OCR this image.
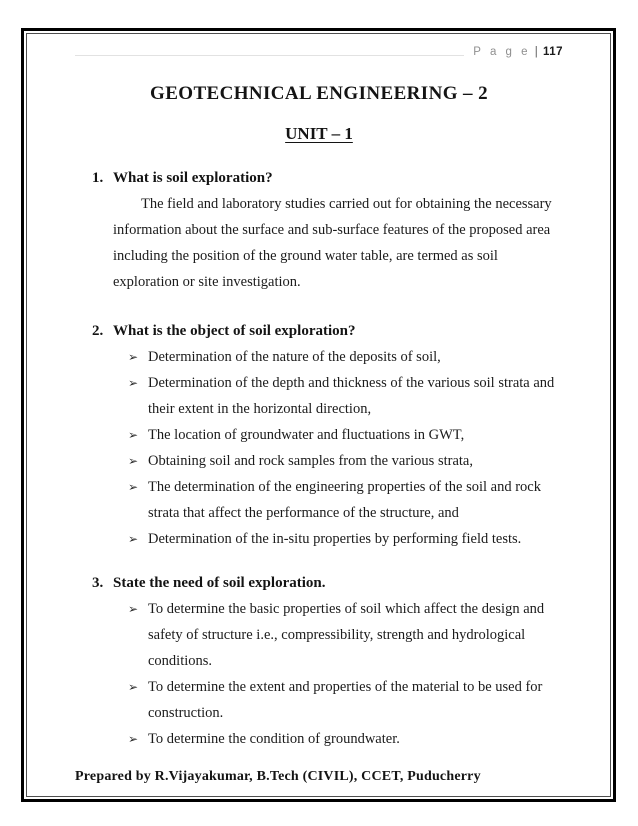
P a g e | 117
GEOTECHNICAL ENGINEERING – 2
UNIT – 1
1. What is soil exploration?

The field and laboratory studies carried out for obtaining the necessary information about the surface and sub-surface features of the proposed area including the position of the ground water table, are termed as soil exploration or site investigation.

2. What is the object of soil exploration?
➢ Determination of the nature of the deposits of soil,
➢ Determination of the depth and thickness of the various soil strata and their extent in the horizontal direction,
➢ The location of groundwater and fluctuations in GWT,
➢ Obtaining soil and rock samples from the various strata,
➢ The determination of the engineering properties of the soil and rock strata that affect the performance of the structure, and
➢ Determination of the in-situ properties by performing field tests.
3. State the need of soil exploration.
➢ To determine the basic properties of soil which affect the design and safety of structure i.e., compressibility, strength and hydrological conditions.
➢ To determine the extent and properties of the material to be used for construction.
➢ To determine the condition of groundwater.
Prepared by R.Vijayakumar, B.Tech (CIVIL), CCET, Puducherry
